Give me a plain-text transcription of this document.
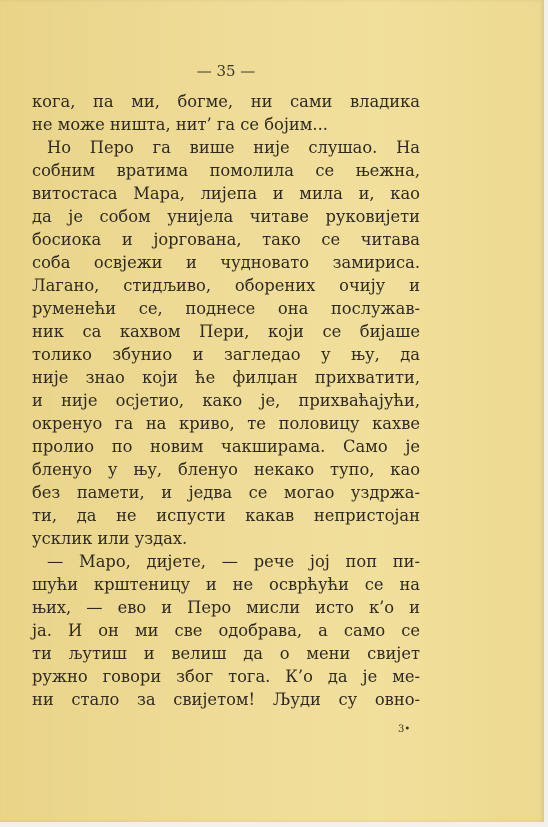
— 35 —
кога, па ми, богме, ни сами владика
не може ништа, нит’ га се бојим...
Но Перо га више није слушао. На
собним вратима помолила се њежна,
витостаса Мара, лијепа и мила и, као
да је собом унијела читаве руковијети
босиока и јоргована, тако се читава
соба освјежи и чудновато замириса.
Лагано, стидљиво, оборених очију и
руменећи се, поднесе она послужав-
ник са кахвом Пери, који се бијаше
толико збунио и загледао у њу, да
није знао који ће филџан прихватити,
и није осјетио, како је, прихваћајући,
окренуо га на криво, те половицу кахве
пролио по новим чакширама. Само је
бленуо у њу, бленуо некако тупо, као
без памети, и једва се могао уздржа-
ти, да не испусти какав непристојан
усклик или уздах.
— Маро, дијете, — рече јој поп пи-
шући крштеницу и не осврћући се на
њих, — ево и Перо мисли исто к’о и
ја. И он ми све одобрава, а само се
ти љутиш и велиш да о мени свијет
ружно говори због тога. К’о да је ме-
ни стало за свијетом! Људи су овно-
3•
